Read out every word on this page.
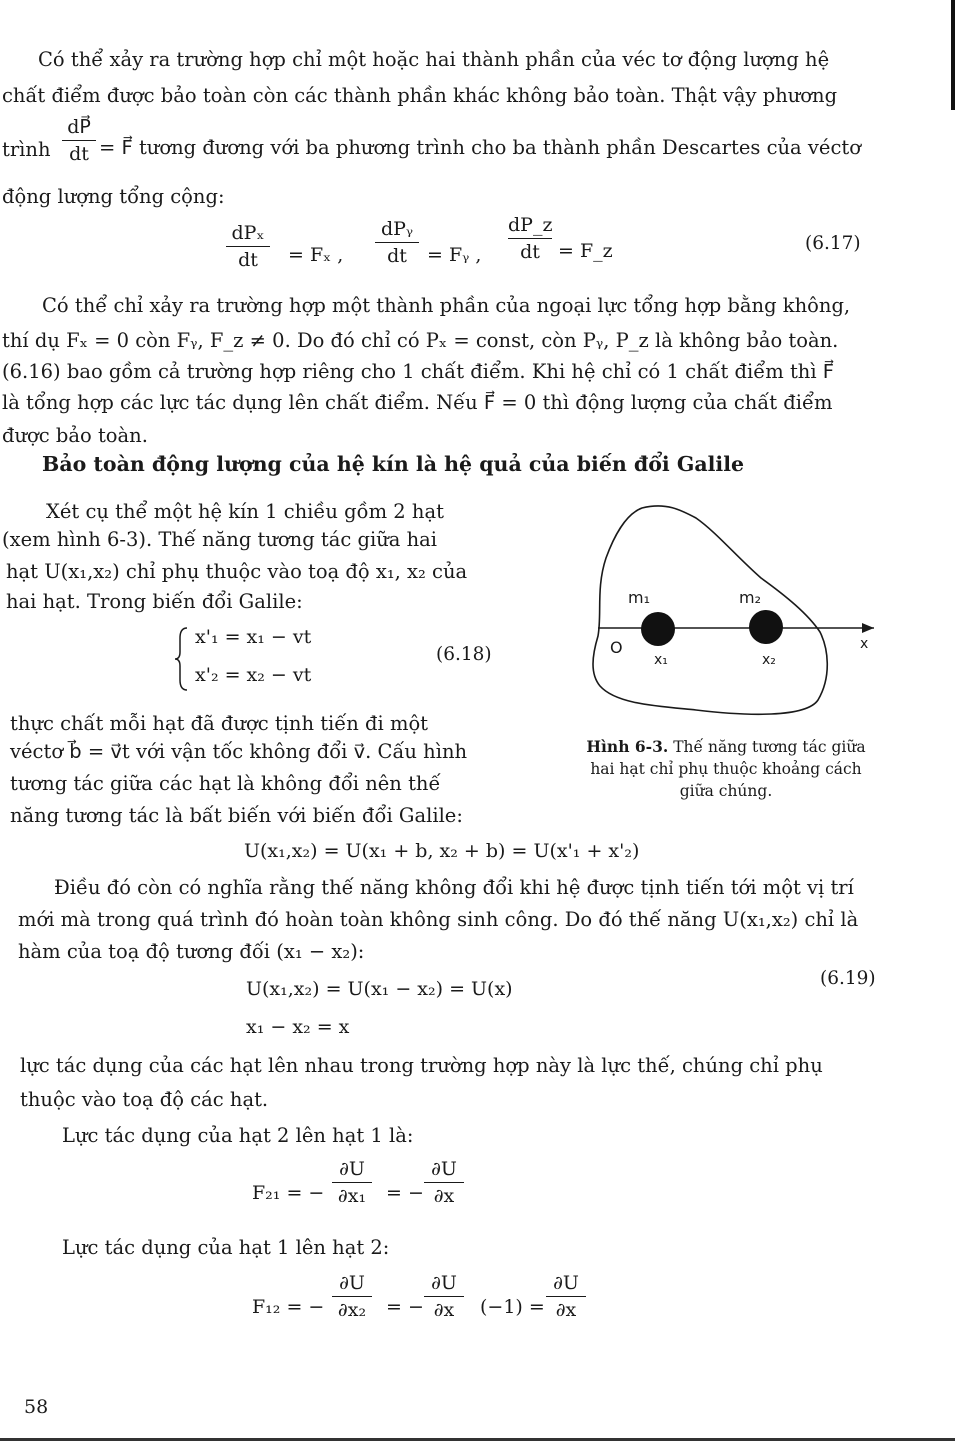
Có thể xảy ra trường hợp chỉ một hoặc hai thành phần của véc tơ động lượng hệ
chất điểm được bảo toàn còn các thành phần khác không bảo toàn. Thật vậy phương
trình
dP⃗
dt = F⃗ tương đương với ba phương trình cho ba thành phần Descartes của véctơ
động lượng tổng cộng:
dPₓ
dt	= Fₓ ,
dPᵧ
dt	= Fᵧ ,
dP_z
dt = F_z	(6.17)
Có thể chỉ xảy ra trường hợp một thành phần của ngoại lực tổng hợp bằng không,
thí dụ Fₓ = 0 còn Fᵧ, F_z ≠ 0. Do đó chỉ có Pₓ = const, còn Pᵧ, P_z là không bảo toàn.
(6.16) bao gồm cả trường hợp riêng cho 1 chất điểm. Khi hệ chỉ có 1 chất điểm thì F⃗
là tổng hợp các lực tác dụng lên chất điểm. Nếu F⃗ = 0 thì động lượng của chất điểm
được bảo toàn.
Bảo toàn động lượng của hệ kín là hệ quả của biến đổi Galile
Xét cụ thể một hệ kín 1 chiều gồm 2 hạt
(xem hình 6-3). Thế năng tương tác giữa hai
hạt U(x₁,x₂) chỉ phụ thuộc vào toạ độ x₁, x₂ của
hai hạt. Trong biến đổi Galile:
x'₁ = x₁ − vt
x'₂ = x₂ − vt
(6.18)
thực chất mỗi hạt đã được tịnh tiến đi một
véctơ b⃗ = v⃗t với vận tốc không đổi v⃗. Cấu hình
tương tác giữa các hạt là không đổi nên thế
năng tương tác là bất biến với biến đổi Galile:
m₁	m₂
O
x₁	x₂
x
Hình 6-3. Thế năng tương tác giữa
hai hạt chỉ phụ thuộc khoảng cách
giữa chúng.
U(x₁,x₂) = U(x₁ + b, x₂ + b) = U(x'₁ + x'₂)
Điều đó còn có nghĩa rằng thế năng không đổi khi hệ được tịnh tiến tới một vị trí
mới mà trong quá trình đó hoàn toàn không sinh công. Do đó thế năng U(x₁,x₂) chỉ là
hàm của toạ độ tương đối (x₁ − x₂):
U(x₁,x₂) = U(x₁ − x₂) = U(x)	(6.19)
x₁ − x₂ = x
lực tác dụng của các hạt lên nhau trong trường hợp này là lực thế, chúng chỉ phụ
thuộc vào toạ độ các hạt.
Lực tác dụng của hạt 2 lên hạt 1 là:
F₂₁ = −
∂U
∂x₁	= −
∂U
∂x
Lực tác dụng của hạt 1 lên hạt 2:
F₁₂ = −
∂U
∂x₂	= −
∂U
∂x	(−1) =
∂U
∂x
58
